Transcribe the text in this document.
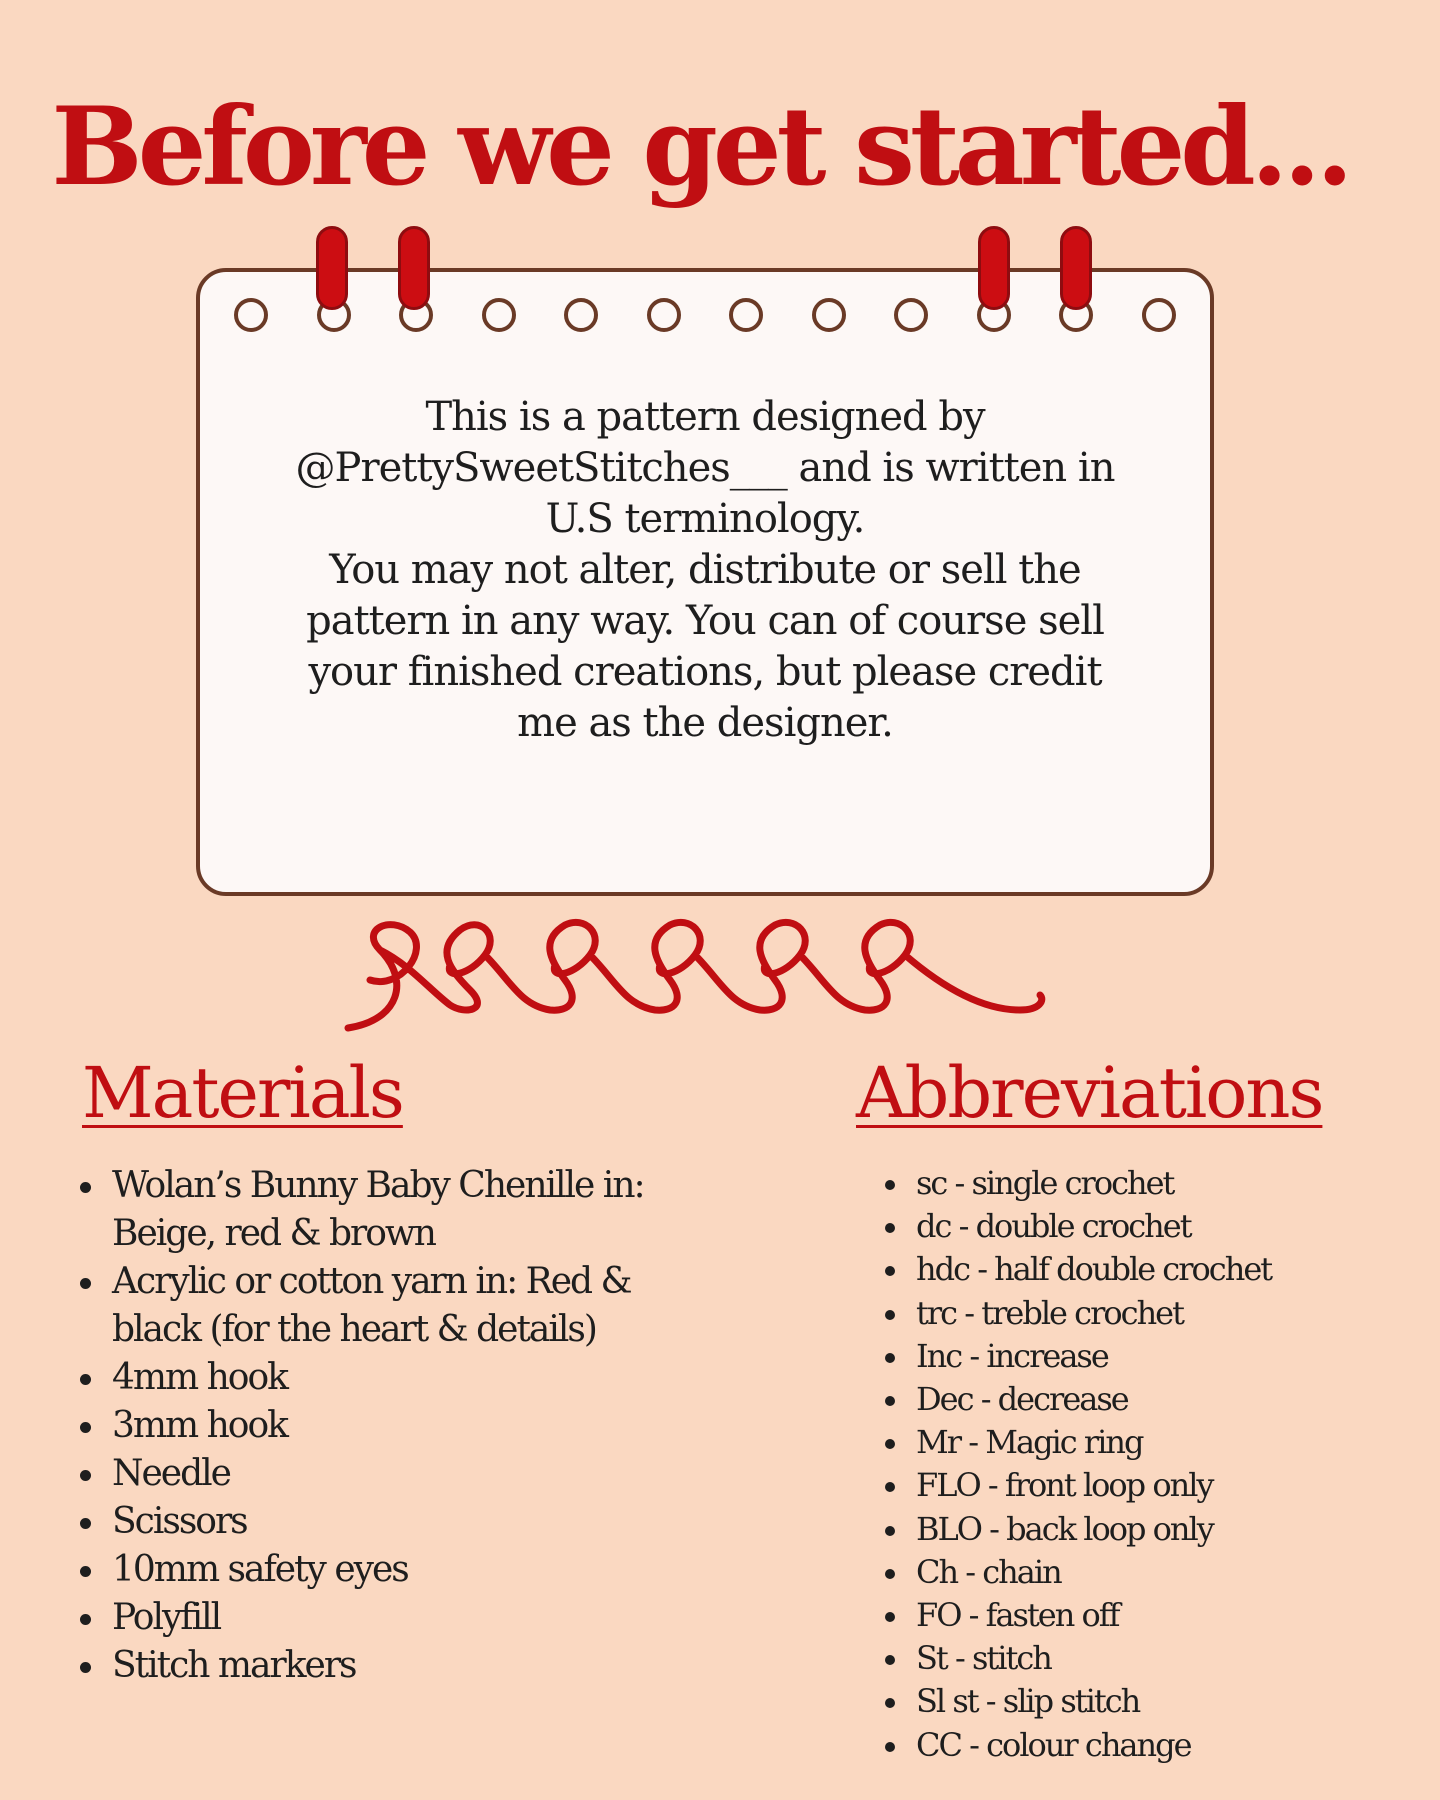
Before we get started...
This is a pattern designed by
@PrettySweetStitches___ and is written in
U.S terminology.
You may not alter, distribute or sell the
pattern in any way. You can of course sell
your finished creations, but please credit
me as the designer.
Materials	Abbreviations
Wolan’s Bunny Baby Chenille in: Beige, red & brown
Acrylic or cotton yarn in: Red & black (for the heart & details)
4mm hook
3mm hook
Needle
Scissors
10mm safety eyes
Polyfill
Stitch markers
sc - single crochet
dc - double crochet
hdc - half double crochet
trc - treble crochet
Inc - increase
Dec - decrease
Mr - Magic ring
FLO - front loop only
BLO - back loop only
Ch - chain
FO - fasten off
St - stitch
Sl st - slip stitch
CC - colour change
